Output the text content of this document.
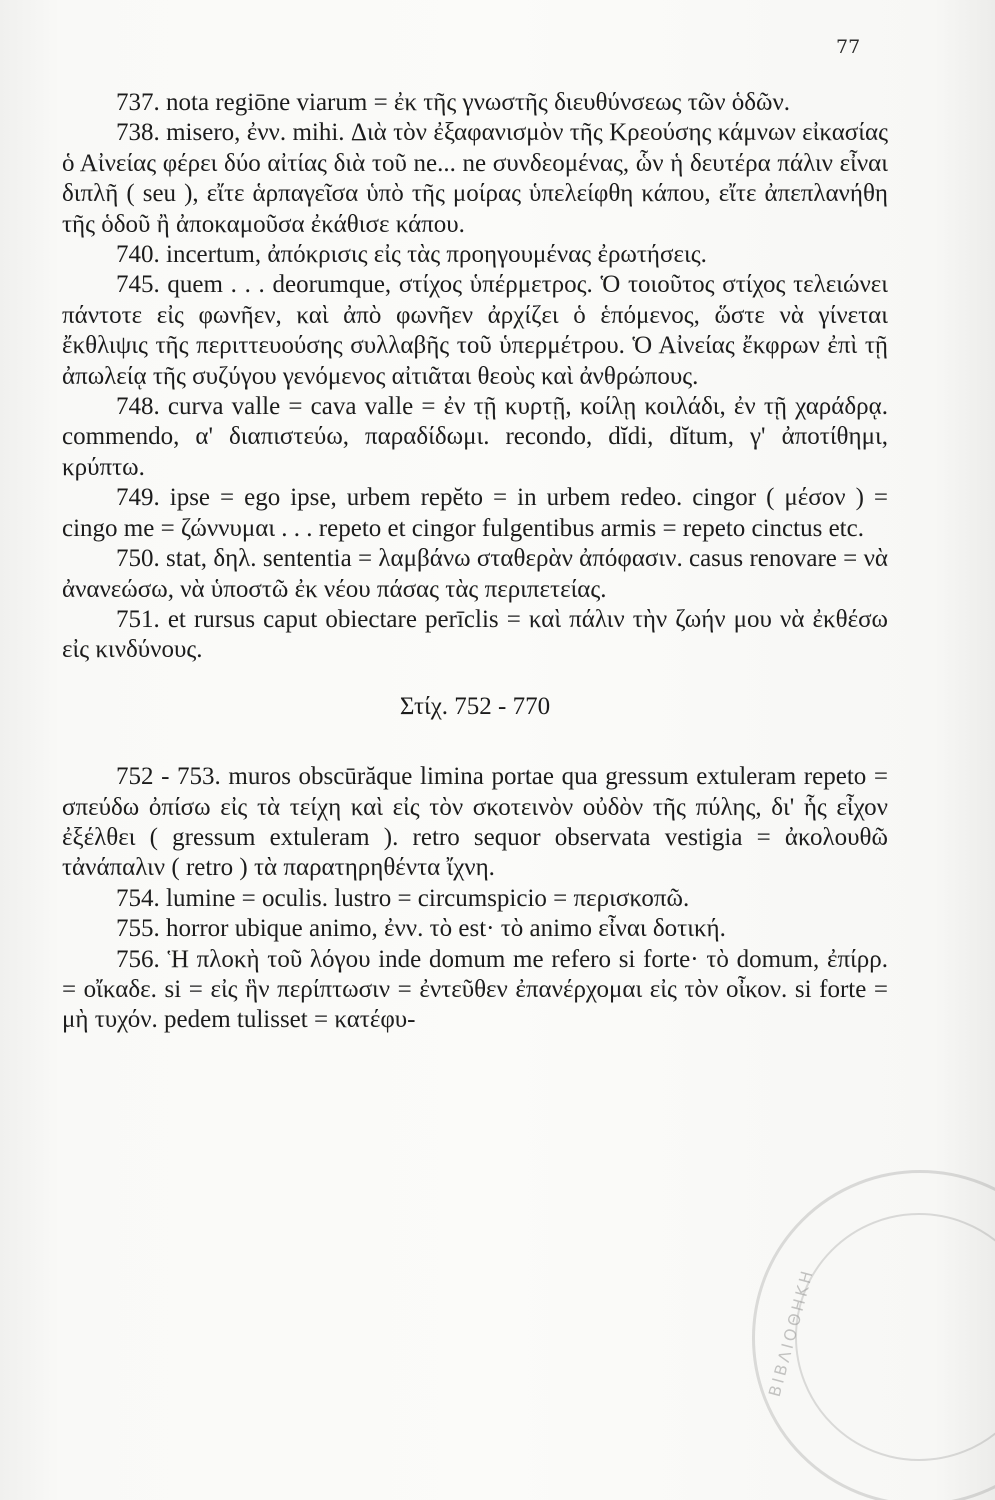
77

737. nota regiōne viarum = ἐκ τῆς γνωστῆς διευθύνσεως τῶν ὁδῶν.

738. misero, ἐνν. mihi. Διὰ τὸν ἐξαφανισμὸν τῆς Κρεούσης κάμνων εἰκασίας ὁ Αἰνείας φέρει δύο αἰτίας διὰ τοῦ ne... ne συνδεομένας, ὧν ἡ δευτέρα πάλιν εἶναι διπλῆ ( seu ), εἴτε ἁρπαγεῖσα ὑπὸ τῆς μοίρας ὑπελείφθη κάπου, εἴτε ἀπεπλανήθη τῆς ὁδοῦ ἢ ἀποκαμοῦσα ἐκάθισε κάπου.

740. incertum, ἀπόκρισις εἰς τὰς προηγουμένας ἐρωτήσεις.

745. quem . . . deorumque, στίχος ὑπέρμετρος. Ὁ τοιοῦτος στίχος τελειώνει πάντοτε εἰς φωνῆεν, καὶ ἀπὸ φωνῆεν ἀρχίζει ὁ ἑπόμενος, ὥστε νὰ γίνεται ἔκθλιψις τῆς περιττευούσης συλλαβῆς τοῦ ὑπερμέτρου. Ὁ Αἰνείας ἔκφρων ἐπὶ τῇ ἀπωλείᾳ τῆς συζύγου γενόμενος αἰτιᾶται θεοὺς καὶ ἀνθρώπους.

748. curva valle = cava valle = ἐν τῇ κυρτῇ, κοίλῃ κοιλάδι, ἐν τῇ χαράδρᾳ. commendo, α' διαπιστεύω, παραδίδωμι. recondo, dĭdi, dĭtum, γ' ἀποτίθημι, κρύπτω.

749. ipse = ego ipse, urbem repĕto = in urbem redeo. cingor ( μέσον ) = cingo me = ζώννυμαι . . . repeto et cingor fulgentibus armis = repeto cinctus etc.

750. stat, δηλ. sententia = λαμβάνω σταθερὰν ἀπόφασιν. casus renovare = νὰ ἀνανεώσω, νὰ ὑποστῶ ἐκ νέου πάσας τὰς περιπετείας.

751. et rursus caput obiectare perīclis = καὶ πάλιν τὴν ζωήν μου νὰ ἐκθέσω εἰς κινδύνους.

Στίχ. 752 - 770

752 - 753. muros obscūrăque limina portae qua gressum extuleram repeto = σπεύδω ὀπίσω εἰς τὰ τείχη καὶ εἰς τὸν σκοτεινὸν οὐδὸν τῆς πύλης, δι' ἧς εἶχον ἐξέλθει ( gressum extuleram ). retro sequor observata vestigia = ἀκολουθῶ τἀνάπαλιν ( retro ) τὰ παρατηρηθέντα ἴχνη.

754. lumine = oculis. lustro = circumspicio = περισκοπῶ.

755. horror ubique animo, ἐνν. τὸ est· τὸ animo εἶναι δοτική.

756. Ἡ πλοκὴ τοῦ λόγου inde domum me refero si forte· τὸ domum, ἐπίρρ. = οἴκαδε. si = εἰς ἣν περίπτωσιν = ἐντεῦθεν ἐπανέρχομαι εἰς τὸν οἶκον. si forte = μὴ τυχόν. pedem tulisset = κατέφυ-

ΒΙΒΛΙΟΘΗΚΗ
